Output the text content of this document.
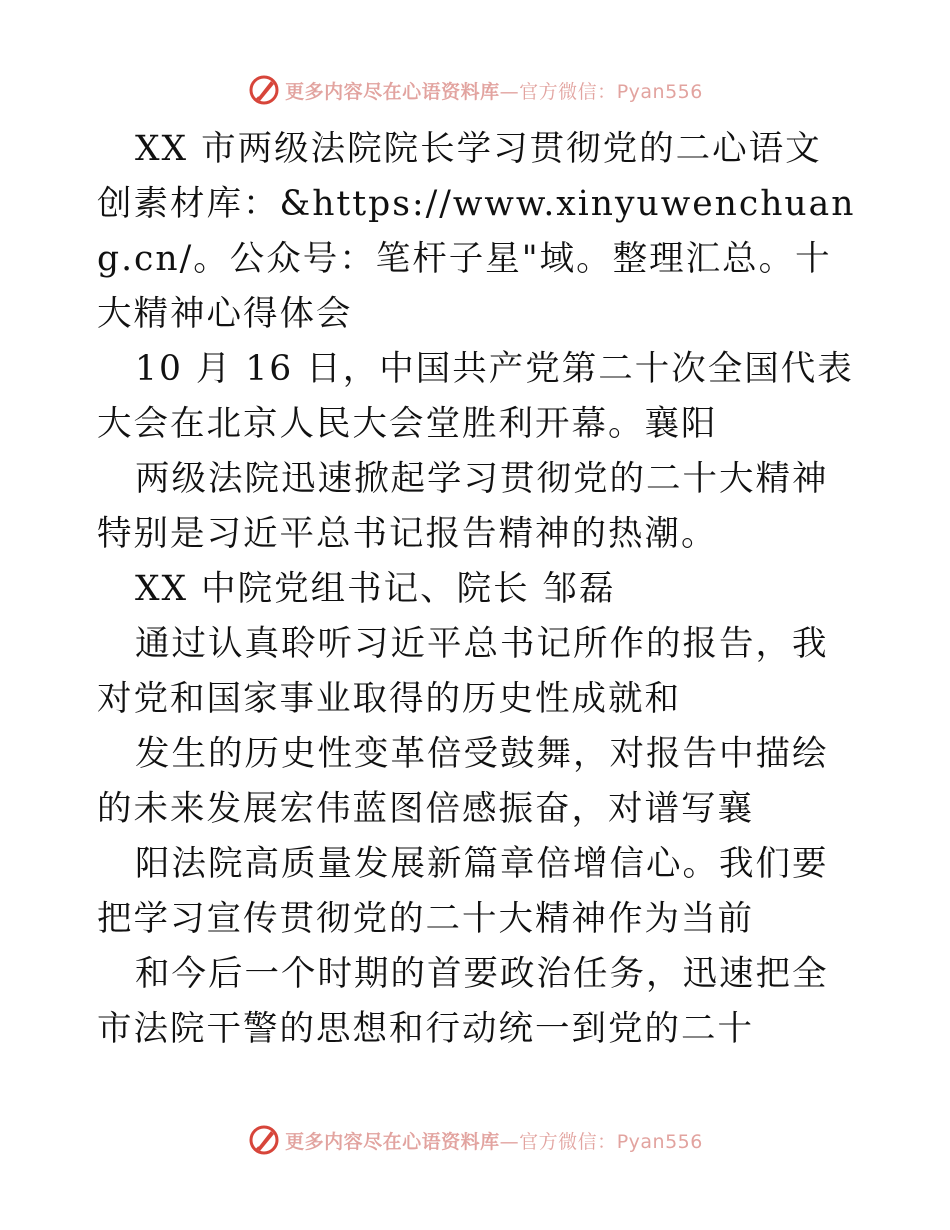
更多内容尽在心语资料库—官方微信：Pyan556

XX 市两级法院院长学习贯彻党的二心语文创素材库：&https://www.xinyuwenchuang.cn/。公众号：笔杆子星"域。整理汇总。十大精神心得体会

10 月 16 日，中国共产党第二十次全国代表大会在北京人民大会堂胜利开幕。襄阳

两级法院迅速掀起学习贯彻党的二十大精神特别是习近平总书记报告精神的热潮。

XX 中院党组书记、院长 邹磊

通过认真聆听习近平总书记所作的报告，我对党和国家事业取得的历史性成就和

发生的历史性变革倍受鼓舞，对报告中描绘的未来发展宏伟蓝图倍感振奋，对谱写襄

阳法院高质量发展新篇章倍增信心。我们要把学习宣传贯彻党的二十大精神作为当前

和今后一个时期的首要政治任务，迅速把全市法院干警的思想和行动统一到党的二十

更多内容尽在心语资料库—官方微信：Pyan556
